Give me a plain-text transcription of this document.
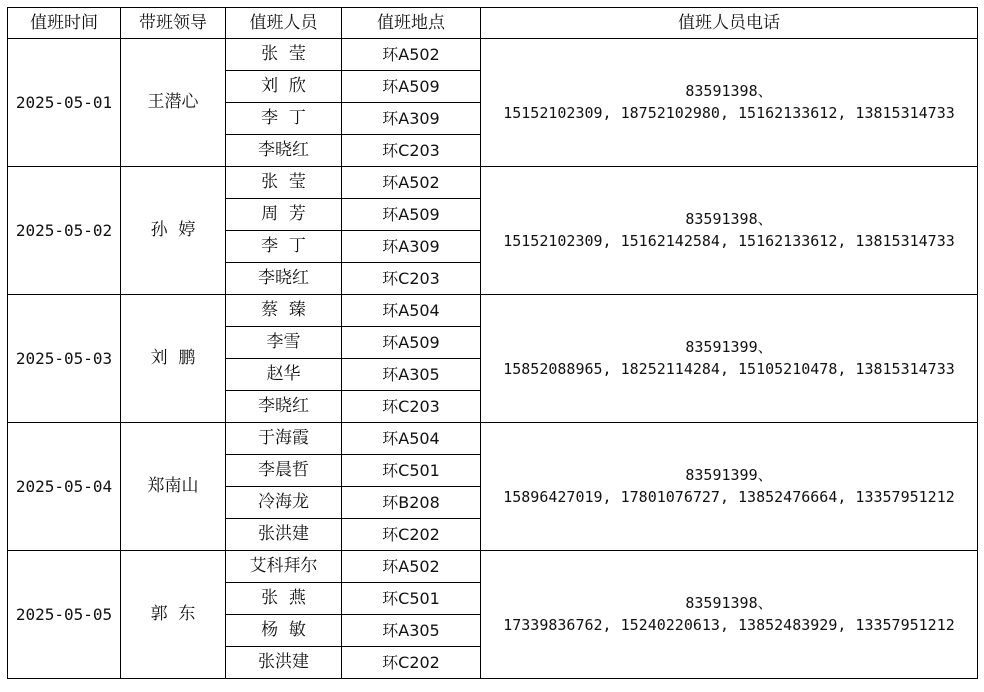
值班时间	带班领导	值班人员	值班地点	值班人员电话
2025-05-01	王潜心	张  莹	环A502	83591398、
15152102309, 18752102980, 15162133612, 13815314733

		刘  欣	环A509	
		李  丁	环A309	
		李晓红	环C203	
2025-05-02	孙  婷	张  莹	环A502	83591398、
15152102309, 15162142584, 15162133612, 13815314733

		周  芳	环A509	
		李  丁	环A309	
		李晓红	环C203	
2025-05-03	刘  鹏	蔡  臻	环A504	83591399、
15852088965, 18252114284, 15105210478, 13815314733

		李雪	环A509	
		赵华	环A305	
		李晓红	环C203	
2025-05-04	郑南山	于海霞	环A504	83591399、
15896427019, 17801076727, 13852476664, 13357951212

		李晨哲	环C501	
		冷海龙	环B208	
		张洪建	环C202	
2025-05-05	郭  东	艾科拜尔	环A502	83591398、
17339836762, 15240220613, 13852483929, 13357951212

		张  燕	环C501	
		杨  敏	环A305	
		张洪建	环C202	
